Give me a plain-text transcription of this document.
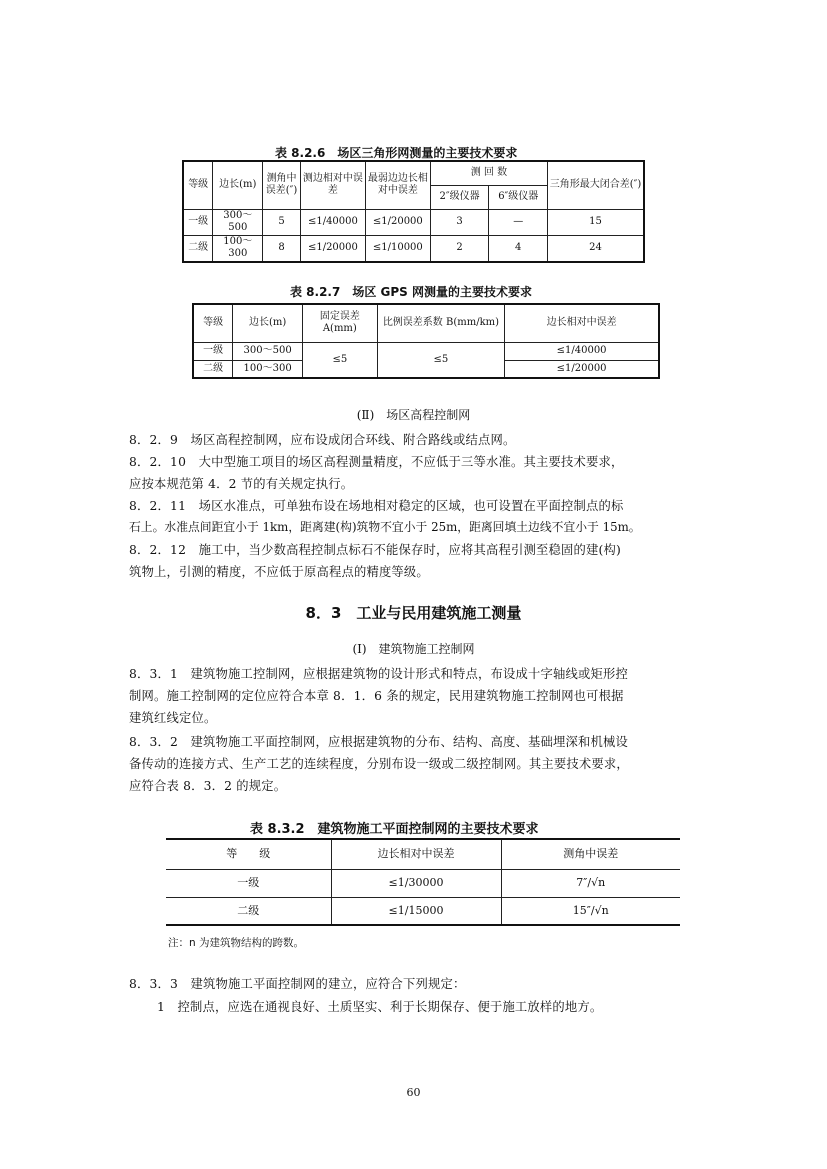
表 8.2.6　场区三角形网测量的主要技术要求
等级	边长(m)	测角中误差(″)	测边相对中误差	最弱边边长相对中误差	测 回 数		三角形最大闭合差(″)
					2″级仪器	6″级仪器	
一级	300～500	5	≤1/40000	≤1/20000	3	—	15
二级	100～300	8	≤1/20000	≤1/10000	2	4	24
表 8.2.7　场区 GPS 网测量的主要技术要求
等级	边长(m)	固定误差 A(mm)	比例误差系数 B(mm/km)	边长相对中误差
一级	300～500	≤5	≤5	≤1/40000
二级	100～300			≤1/20000
(Ⅱ)　场区高程控制网
8．2．9　场区高程控制网，应布设成闭合环线、附合路线或结点网。
8．2．10　大中型施工项目的场区高程测量精度，不应低于三等水准。其主要技术要求，
应按本规范第 4．2 节的有关规定执行。
8．2．11　场区水准点，可单独布设在场地相对稳定的区域，也可设置在平面控制点的标
石上。水准点间距宜小于 1km，距离建(构)筑物不宜小于 25m，距离回填土边线不宜小于 15m。
8．2．12　施工中，当少数高程控制点标石不能保存时，应将其高程引测至稳固的建(构)
筑物上，引测的精度，不应低于原高程点的精度等级。
8．3　工业与民用建筑施工测量
(Ⅰ)　建筑物施工控制网
8．3．1　建筑物施工控制网，应根据建筑物的设计形式和特点，布设成十字轴线或矩形控
制网。施工控制网的定位应符合本章 8．1．6 条的规定，民用建筑物施工控制网也可根据
建筑红线定位。
8．3．2　建筑物施工平面控制网，应根据建筑物的分布、结构、高度、基础埋深和机械设
备传动的连接方式、生产工艺的连续程度，分别布设一级或二级控制网。其主要技术要求，
应符合表 8．3．2 的规定。
表 8.3.2　建筑物施工平面控制网的主要技术要求
等　　级	边长相对中误差	测角中误差
一级	≤1/30000	7″/√n
二级	≤1/15000	15″/√n
注：n 为建筑物结构的跨数。
8．3．3　建筑物施工平面控制网的建立，应符合下列规定：
1　控制点，应选在通视良好、土质坚实、利于长期保存、便于施工放样的地方。
60
